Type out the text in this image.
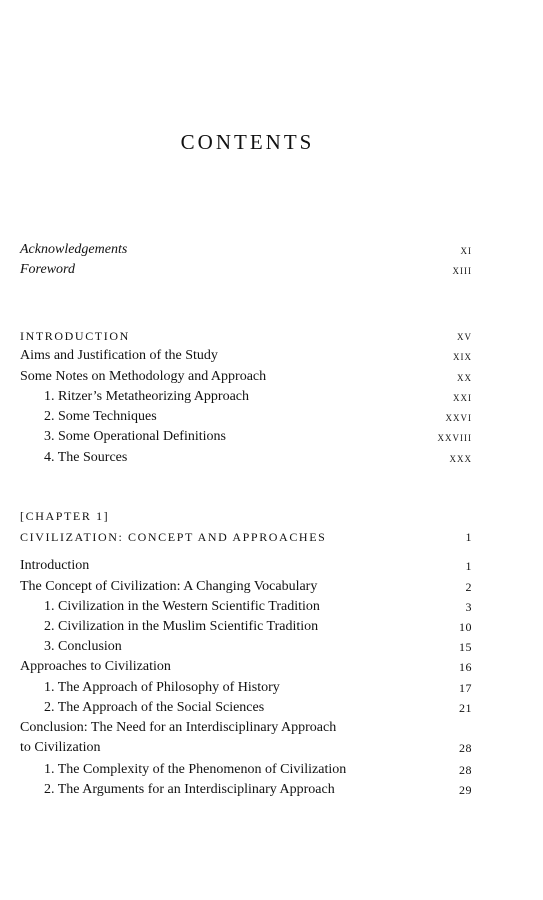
CONTENTS
Acknowledgements	xi
Foreword	xiii
INTRODUCTION	xv
Aims and Justification of the Study	xix
Some Notes on Methodology and Approach	xx
1. Ritzer’s Metatheorizing Approach	xxi
2. Some Techniques	xxvi
3. Some Operational Definitions	xxviii
4. The Sources	xxx
[CHAPTER 1]
CIVILIZATION: CONCEPT AND APPROACHES	1
Introduction	1
The Concept of Civilization: A Changing Vocabulary	2
1. Civilization in the Western Scientific Tradition	3
2. Civilization in the Muslim Scientific Tradition	10
3. Conclusion	15
Approaches to Civilization	16
1. The Approach of Philosophy of History	17
2. The Approach of the Social Sciences	21
Conclusion: The Need for an Interdisciplinary Approach
to Civilization	28
1. The Complexity of the Phenomenon of Civilization	28
2. The Arguments for an Interdisciplinary Approach	29
